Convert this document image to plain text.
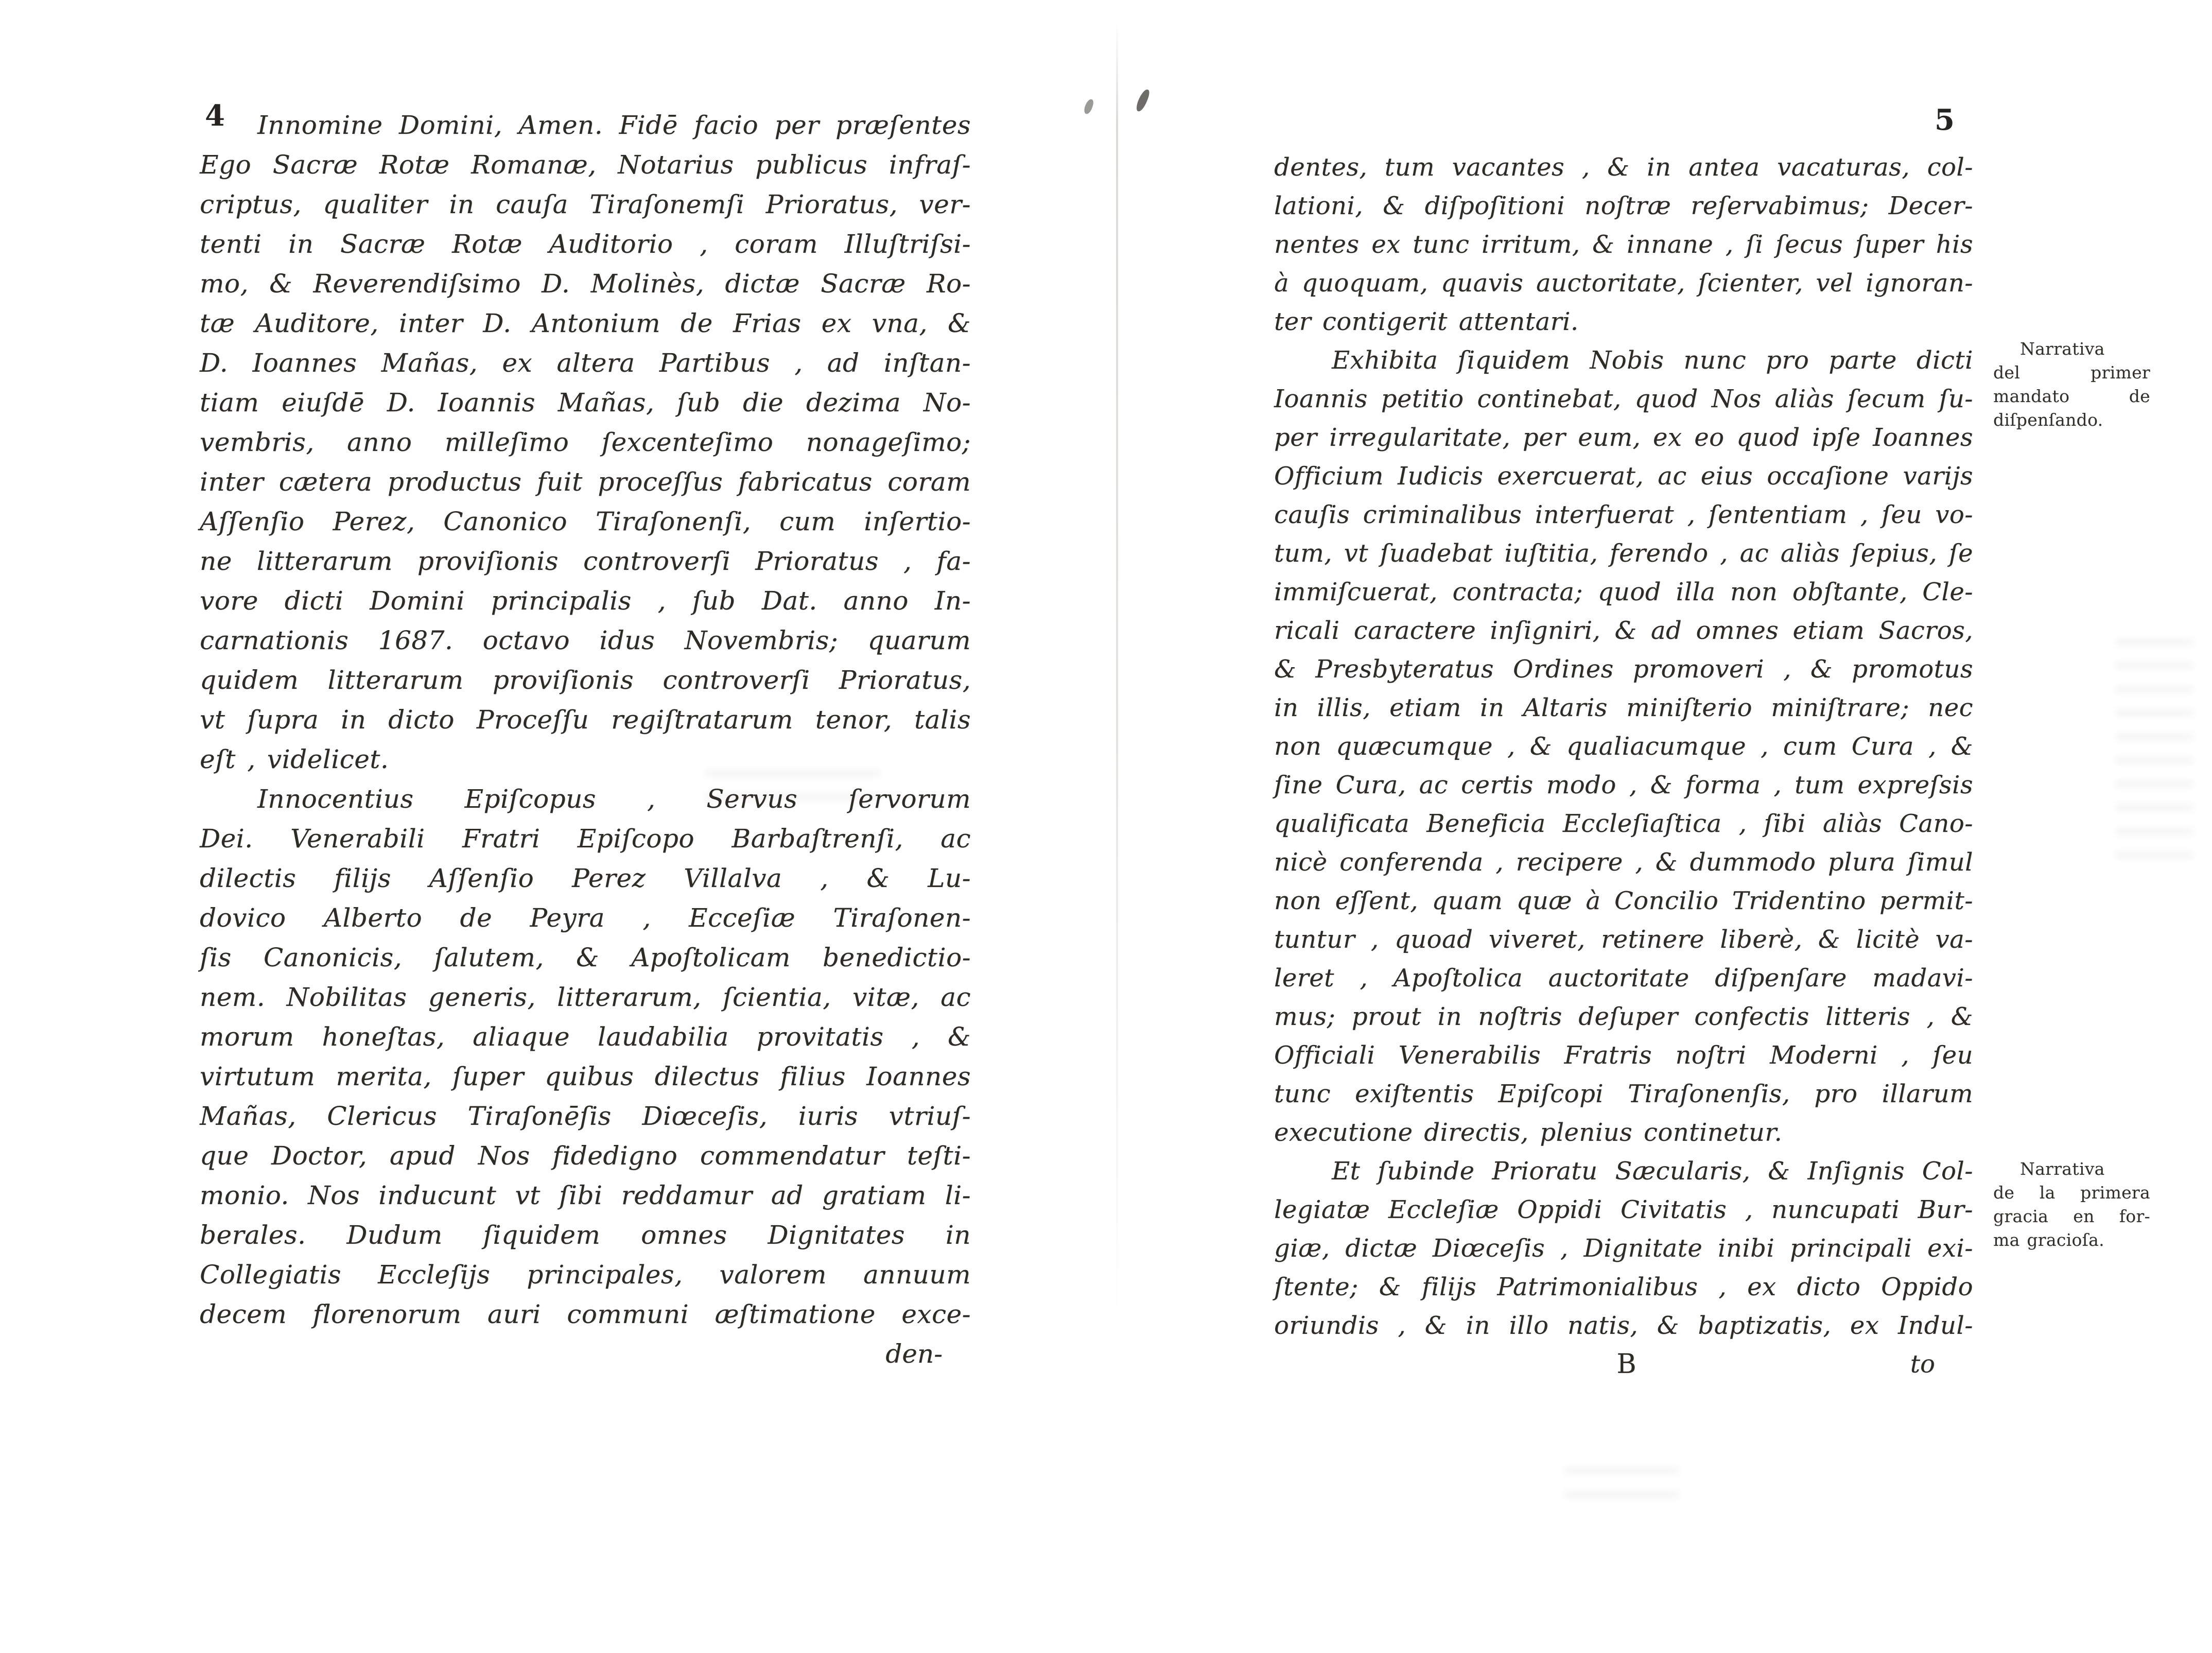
4	5
Innomine Domini, Amen. Fidē facio per præſentes
Ego Sacræ Rotæ Romanæ, Notarius publicus infraſ-
criptus, qualiter in cauſa Tiraſonemſi Prioratus, ver-
tenti in Sacræ Rotæ Auditorio , coram Illuſtriſsi-
mo, & Reverendiſsimo D. Molinès, dictæ Sacræ Ro-
tæ Auditore, inter D. Antonium de Frias ex vna, &
D. Ioannes Mañas, ex altera Partibus , ad inſtan-
tiam eiuſdē D. Ioannis Mañas, ſub die dezima No-
vembris, anno milleſimo ſexcenteſimo nonageſimo;
inter cætera productus fuit proceſſus fabricatus coram
Aſſenſio Perez, Canonico Tiraſonenſi, cum inſertio-
ne litterarum proviſionis controverſi Prioratus , fa-
vore dicti Domini principalis , ſub Dat. anno In-
carnationis 1687. octavo idus Novembris; quarum
quidem litterarum proviſionis controverſi Prioratus,
vt ſupra in dicto Proceſſu regiſtratarum tenor, talis
eſt , videlicet.
Innocentius Epiſcopus , Servus ſervorum
Dei. Venerabili Fratri Epiſcopo Barbaſtrenſi, ac
dilectis filijs Aſſenſio Perez Villalva , & Lu-
dovico Alberto de Peyra , Ecceſiæ Tiraſonen-
ſis Canonicis, ſalutem, & Apoſtolicam benedictio-
nem. Nobilitas generis, litterarum, ſcientia, vitæ, ac
morum honeſtas, aliaque laudabilia provitatis , &
virtutum merita, ſuper quibus dilectus filius Ioannes
Mañas, Clericus Tiraſonēſis Diœceſis, iuris vtriuſ-
que Doctor, apud Nos fidedigno commendatur teſti-
monio. Nos inducunt vt ſibi reddamur ad gratiam li-
berales. Dudum ſiquidem omnes Dignitates in
Collegiatis Eccleſijs principales, valorem annuum
decem florenorum auri communi æſtimatione exce-
den-
dentes, tum vacantes , & in antea vacaturas, col-
lationi, & diſpoſitioni noſtræ reſervabimus; Decer-
nentes ex tunc irritum, & innane , ſi ſecus ſuper his
à quoquam, quavis auctoritate, ſcienter, vel ignoran-
ter contigerit attentari.
Exhibita ſiquidem Nobis nunc pro parte dicti
Ioannis petitio continebat, quod Nos aliàs ſecum ſu-
per irregularitate, per eum, ex eo quod ipſe Ioannes
Officium Iudicis exercuerat, ac eius occaſione varijs
cauſis criminalibus interfuerat , ſententiam , ſeu vo-
tum, vt ſuadebat iuſtitia, ferendo , ac aliàs ſepius, ſe
immiſcuerat, contracta; quod illa non obſtante, Cle-
ricali caractere inſigniri, & ad omnes etiam Sacros,
& Presbyteratus Ordines promoveri , & promotus
in illis, etiam in Altaris miniſterio miniſtrare; nec
non quæcumque , & qualiacumque , cum Cura , &
ſine Cura, ac certis modo , & forma , tum expreſsis
qualificata Beneficia Eccleſiaſtica , ſibi aliàs Cano-
nicè conferenda , recipere , & dummodo plura ſimul
non eſſent, quam quæ à Concilio Tridentino permit-
tuntur , quoad viveret, retinere liberè, & licitè va-
leret , Apoſtolica auctoritate diſpenſare madavi-
mus; prout in noſtris deſuper confectis litteris , &
Officiali Venerabilis Fratris noſtri Moderni , ſeu
tunc exiſtentis Epiſcopi Tiraſonenſis, pro illarum
executione directis, plenius continetur.
Et ſubinde Prioratu Sæcularis, & Inſignis Col-
legiatæ Eccleſiæ Oppidi Civitatis , nuncupati Bur-
giæ, dictæ Diœceſis , Dignitate inibi principali exi-
ſtente; & filijs Patrimonialibus , ex dicto Oppido
oriundis , & in illo natis, & baptizatis, ex Indul-
B	to
Narrativa
del primer
mandato de
diſpenſando.
Narrativa
de la primera
gracia en for-
ma gracioſa.
